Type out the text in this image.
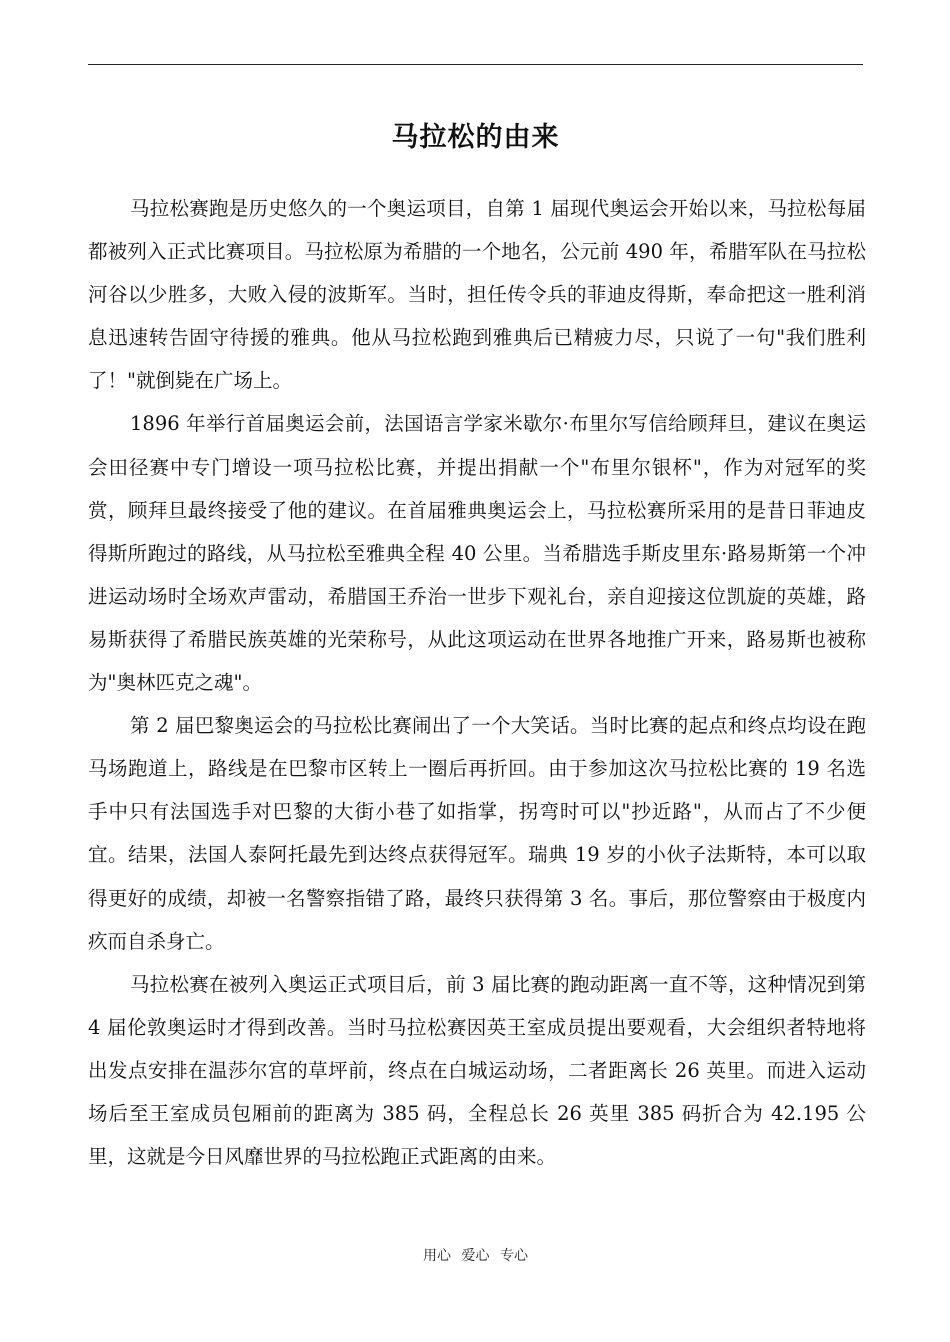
马拉松的由来

马拉松赛跑是历史悠久的一个奥运项目，自第 1 届现代奥运会开始以来，马拉松每届都被列入正式比赛项目。马拉松原为希腊的一个地名，公元前 490 年，希腊军队在马拉松河谷以少胜多，大败入侵的波斯军。当时，担任传令兵的菲迪皮得斯，奉命把这一胜利消息迅速转告固守待援的雅典。他从马拉松跑到雅典后已精疲力尽，只说了一句"我们胜利了！"就倒毙在广场上。

1896 年举行首届奥运会前，法国语言学家米歇尔·布里尔写信给顾拜旦，建议在奥运会田径赛中专门增设一项马拉松比赛，并提出捐献一个"布里尔银杯"，作为对冠军的奖赏，顾拜旦最终接受了他的建议。在首届雅典奥运会上，马拉松赛所采用的是昔日菲迪皮得斯所跑过的路线，从马拉松至雅典全程 40 公里。当希腊选手斯皮里东·路易斯第一个冲进运动场时全场欢声雷动，希腊国王乔治一世步下观礼台，亲自迎接这位凯旋的英雄，路易斯获得了希腊民族英雄的光荣称号，从此这项运动在世界各地推广开来，路易斯也被称为"奥林匹克之魂"。

第 2 届巴黎奥运会的马拉松比赛闹出了一个大笑话。当时比赛的起点和终点均设在跑马场跑道上，路线是在巴黎市区转上一圈后再折回。由于参加这次马拉松比赛的 19 名选手中只有法国选手对巴黎的大街小巷了如指掌，拐弯时可以"抄近路"，从而占了不少便宜。结果，法国人泰阿托最先到达终点获得冠军。瑞典 19 岁的小伙子法斯特，本可以取得更好的成绩，却被一名警察指错了路，最终只获得第 3 名。事后，那位警察由于极度内疚而自杀身亡。

马拉松赛在被列入奥运正式项目后，前 3 届比赛的跑动距离一直不等，这种情况到第 4 届伦敦奥运时才得到改善。当时马拉松赛因英王室成员提出要观看，大会组织者特地将出发点安排在温莎尔宫的草坪前，终点在白城运动场，二者距离长 26 英里。而进入运动场后至王室成员包厢前的距离为 385 码，全程总长 26 英里 385 码折合为 42.195 公里，这就是今日风靡世界的马拉松跑正式距离的由来。

用心 爱心 专心
